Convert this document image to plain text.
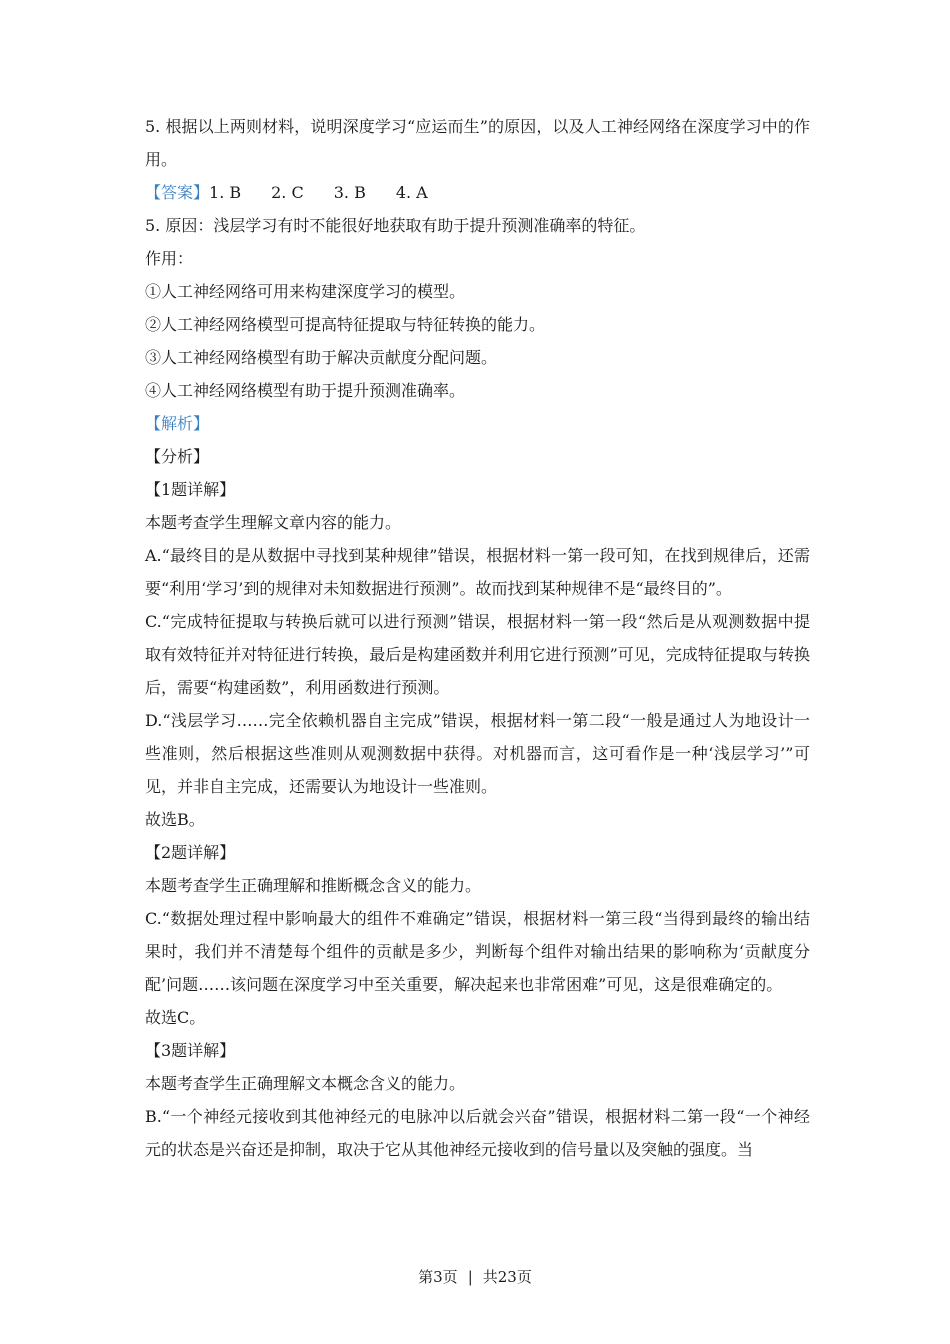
5. 根据以上两则材料，说明深度学习“应运而生”的原因，以及人工神经网络在深度学习中的作用。

【答案】1. B 2. C 3. B 4. A

5. 原因：浅层学习有时不能很好地获取有助于提升预测准确率的特征。

作用：

①人工神经网络可用来构建深度学习的模型。

②人工神经网络模型可提高特征提取与特征转换的能力。

③人工神经网络模型有助于解决贡献度分配问题。

④人工神经网络模型有助于提升预测准确率。

【解析】

【分析】

【1题详解】

本题考查学生理解文章内容的能力。

A.“最终目的是从数据中寻找到某种规律”错误，根据材料一第一段可知，在找到规律后，还需要“利用‘学习’到的规律对未知数据进行预测”。故而找到某种规律不是“最终目的”。

C.“完成特征提取与转换后就可以进行预测”错误，根据材料一第一段“然后是从观测数据中提取有效特征并对特征进行转换，最后是构建函数并利用它进行预测”可见，完成特征提取与转换后，需要“构建函数”，利用函数进行预测。

D.“浅层学习……完全依赖机器自主完成”错误，根据材料一第二段“一般是通过人为地设计一些准则，然后根据这些准则从观测数据中获得。对机器而言，这可看作是一种‘浅层学习’”可见，并非自主完成，还需要认为地设计一些准则。

故选B。

【2题详解】

本题考查学生正确理解和推断概念含义的能力。

C.“数据处理过程中影响最大的组件不难确定”错误，根据材料一第三段“当得到最终的输出结果时，我们并不清楚每个组件的贡献是多少，判断每个组件对输出结果的影响称为‘贡献度分配’问题……该问题在深度学习中至关重要，解决起来也非常困难”可见，这是很难确定的。

故选C。

【3题详解】

本题考查学生正确理解文本概念含义的能力。

B.“一个神经元接收到其他神经元的电脉冲以后就会兴奋”错误，根据材料二第一段“一个神经元的状态是兴奋还是抑制，取决于它从其他神经元接收到的信号量以及突触的强度。当

第3页 | 共23页
